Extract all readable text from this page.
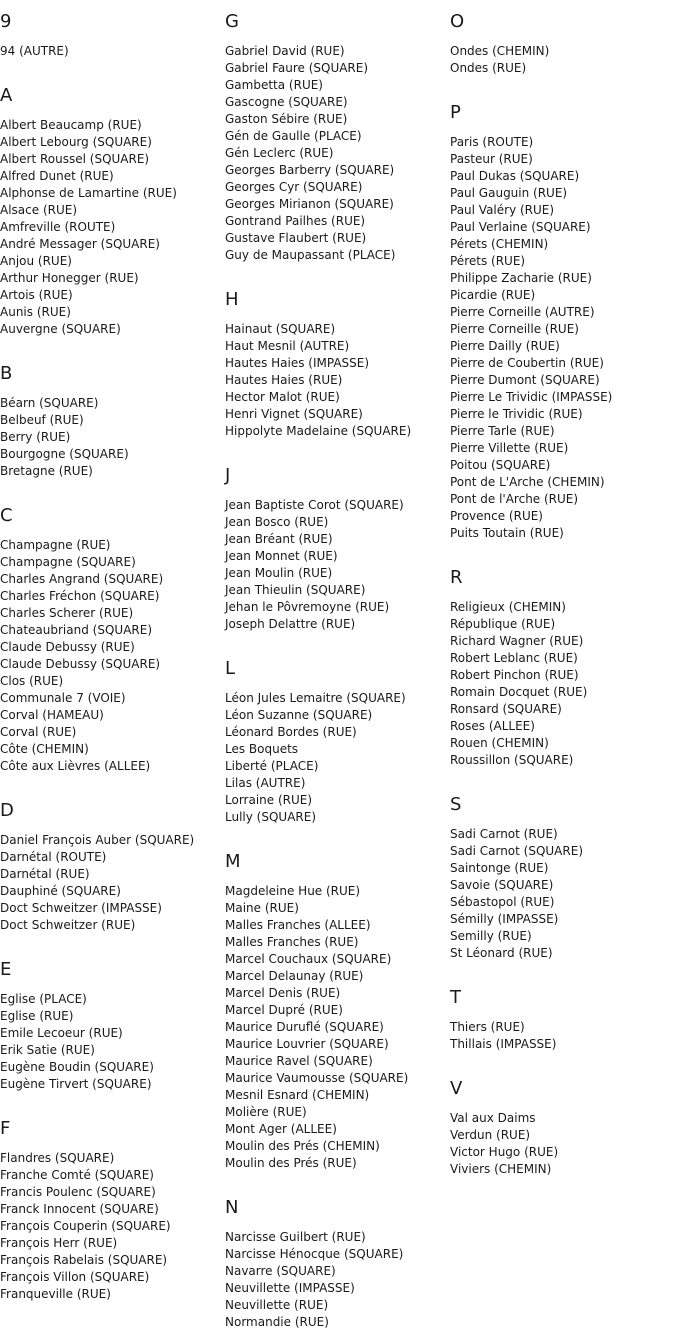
9
94 (AUTRE)
A
Albert Beaucamp (RUE)
Albert Lebourg (SQUARE)
Albert Roussel (SQUARE)
Alfred Dunet (RUE)
Alphonse de Lamartine (RUE)
Alsace (RUE)
Amfreville (ROUTE)
André Messager (SQUARE)
Anjou (RUE)
Arthur Honegger (RUE)
Artois (RUE)
Aunis (RUE)
Auvergne (SQUARE)
B
Béarn (SQUARE)
Belbeuf (RUE)
Berry (RUE)
Bourgogne (SQUARE)
Bretagne (RUE)
C
Champagne (RUE)
Champagne (SQUARE)
Charles Angrand (SQUARE)
Charles Fréchon (SQUARE)
Charles Scherer (RUE)
Chateaubriand (SQUARE)
Claude Debussy (RUE)
Claude Debussy (SQUARE)
Clos (RUE)
Communale 7 (VOIE)
Corval (HAMEAU)
Corval (RUE)
Côte (CHEMIN)
Côte aux Lièvres (ALLEE)
D
Daniel François Auber (SQUARE)
Darnétal (ROUTE)
Darnétal (RUE)
Dauphiné (SQUARE)
Doct Schweitzer (IMPASSE)
Doct Schweitzer (RUE)
E
Eglise (PLACE)
Eglise (RUE)
Emile Lecoeur (RUE)
Erik Satie (RUE)
Eugène Boudin (SQUARE)
Eugène Tirvert (SQUARE)
F
Flandres (SQUARE)
Franche Comté (SQUARE)
Francis Poulenc (SQUARE)
Franck Innocent (SQUARE)
François Couperin (SQUARE)
François Herr (RUE)
François Rabelais (SQUARE)
François Villon (SQUARE)
Franqueville (RUE)
G
Gabriel David (RUE)
Gabriel Faure (SQUARE)
Gambetta (RUE)
Gascogne (SQUARE)
Gaston Sébire (RUE)
Gén de Gaulle (PLACE)
Gén Leclerc (RUE)
Georges Barberry (SQUARE)
Georges Cyr (SQUARE)
Georges Mirianon (SQUARE)
Gontrand Pailhes (RUE)
Gustave Flaubert (RUE)
Guy de Maupassant (PLACE)
H
Hainaut (SQUARE)
Haut Mesnil (AUTRE)
Hautes Haies (IMPASSE)
Hautes Haies (RUE)
Hector Malot (RUE)
Henri Vignet (SQUARE)
Hippolyte Madelaine (SQUARE)
J
Jean Baptiste Corot (SQUARE)
Jean Bosco (RUE)
Jean Bréant (RUE)
Jean Monnet (RUE)
Jean Moulin (RUE)
Jean Thieulin (SQUARE)
Jehan le Pôvremoyne (RUE)
Joseph Delattre (RUE)
L
Léon Jules Lemaitre (SQUARE)
Léon Suzanne (SQUARE)
Léonard Bordes (RUE)
Les Boquets
Liberté (PLACE)
Lilas (AUTRE)
Lorraine (RUE)
Lully (SQUARE)
M
Magdeleine Hue (RUE)
Maine (RUE)
Malles Franches (ALLEE)
Malles Franches (RUE)
Marcel Couchaux (SQUARE)
Marcel Delaunay (RUE)
Marcel Denis (RUE)
Marcel Dupré (RUE)
Maurice Duruflé (SQUARE)
Maurice Louvrier (SQUARE)
Maurice Ravel (SQUARE)
Maurice Vaumousse (SQUARE)
Mesnil Esnard (CHEMIN)
Molière (RUE)
Mont Ager (ALLEE)
Moulin des Prés (CHEMIN)
Moulin des Prés (RUE)
N
Narcisse Guilbert (RUE)
Narcisse Hénocque (SQUARE)
Navarre (SQUARE)
Neuvillette (IMPASSE)
Neuvillette (RUE)
Normandie (RUE)
O
Ondes (CHEMIN)
Ondes (RUE)
P
Paris (ROUTE)
Pasteur (RUE)
Paul Dukas (SQUARE)
Paul Gauguin (RUE)
Paul Valéry (RUE)
Paul Verlaine (SQUARE)
Pérets (CHEMIN)
Pérets (RUE)
Philippe Zacharie (RUE)
Picardie (RUE)
Pierre Corneille (AUTRE)
Pierre Corneille (RUE)
Pierre Dailly (RUE)
Pierre de Coubertin (RUE)
Pierre Dumont (SQUARE)
Pierre Le Trividic (IMPASSE)
Pierre le Trividic (RUE)
Pierre Tarle (RUE)
Pierre Villette (RUE)
Poitou (SQUARE)
Pont de L'Arche (CHEMIN)
Pont de l'Arche (RUE)
Provence (RUE)
Puits Toutain (RUE)
R
Religieux (CHEMIN)
République (RUE)
Richard Wagner (RUE)
Robert Leblanc (RUE)
Robert Pinchon (RUE)
Romain Docquet (RUE)
Ronsard (SQUARE)
Roses (ALLEE)
Rouen (CHEMIN)
Roussillon (SQUARE)
S
Sadi Carnot (RUE)
Sadi Carnot (SQUARE)
Saintonge (RUE)
Savoie (SQUARE)
Sébastopol (RUE)
Sémilly (IMPASSE)
Semilly (RUE)
St Léonard (RUE)
T
Thiers (RUE)
Thillais (IMPASSE)
V
Val aux Daims
Verdun (RUE)
Victor Hugo (RUE)
Viviers (CHEMIN)
